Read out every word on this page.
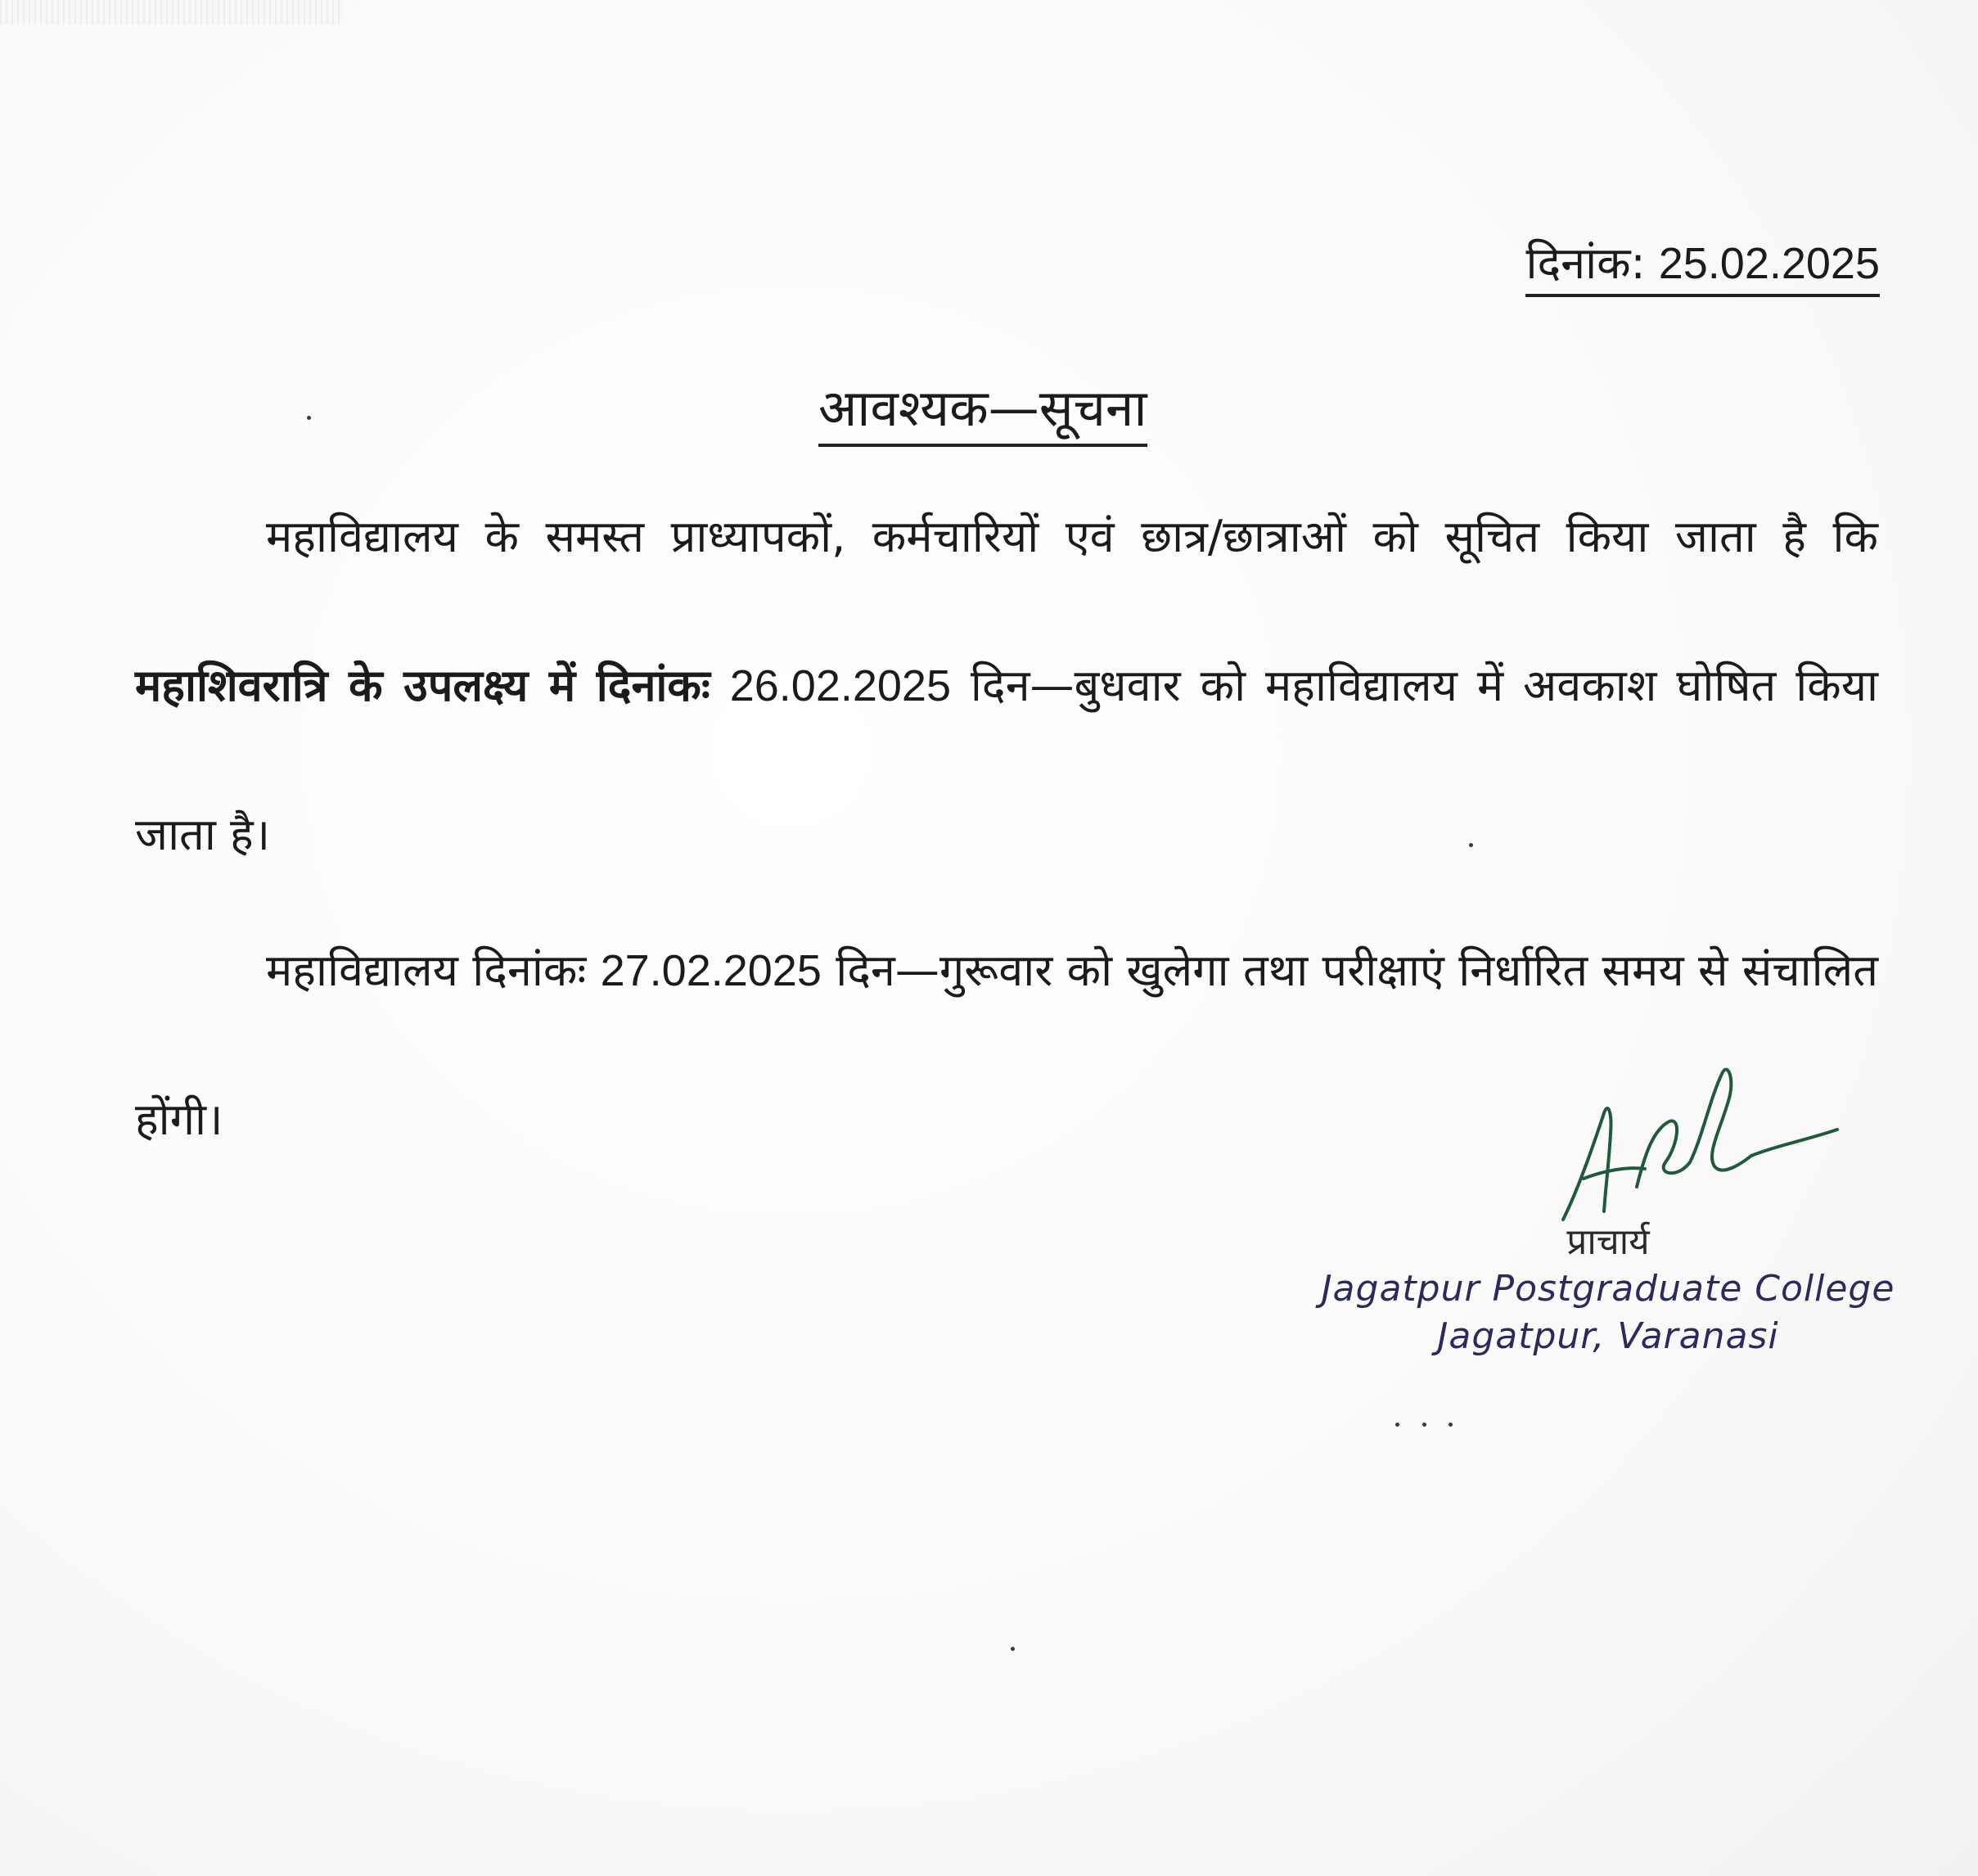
दिनांक: 25.02.2025
आवश्यक—सूचना
महाविद्यालय के समस्त प्राध्यापकों, कर्मचारियों एवं छात्र/छात्राओं को सूचित किया जाता है कि महाशिवरात्रि के उपलक्ष्य में दिनांकः 26.02.2025 दिन—बुधवार को महाविद्यालय में अवकाश घोषित किया जाता है।
महाविद्यालय दिनांकः 27.02.2025 दिन—गुरूवार को खुलेगा तथा परीक्षाएं निर्धारित समय से संचालित होंगी।
प्राचार्य
Jagatpur Postgraduate College
Jagatpur, Varanasi
